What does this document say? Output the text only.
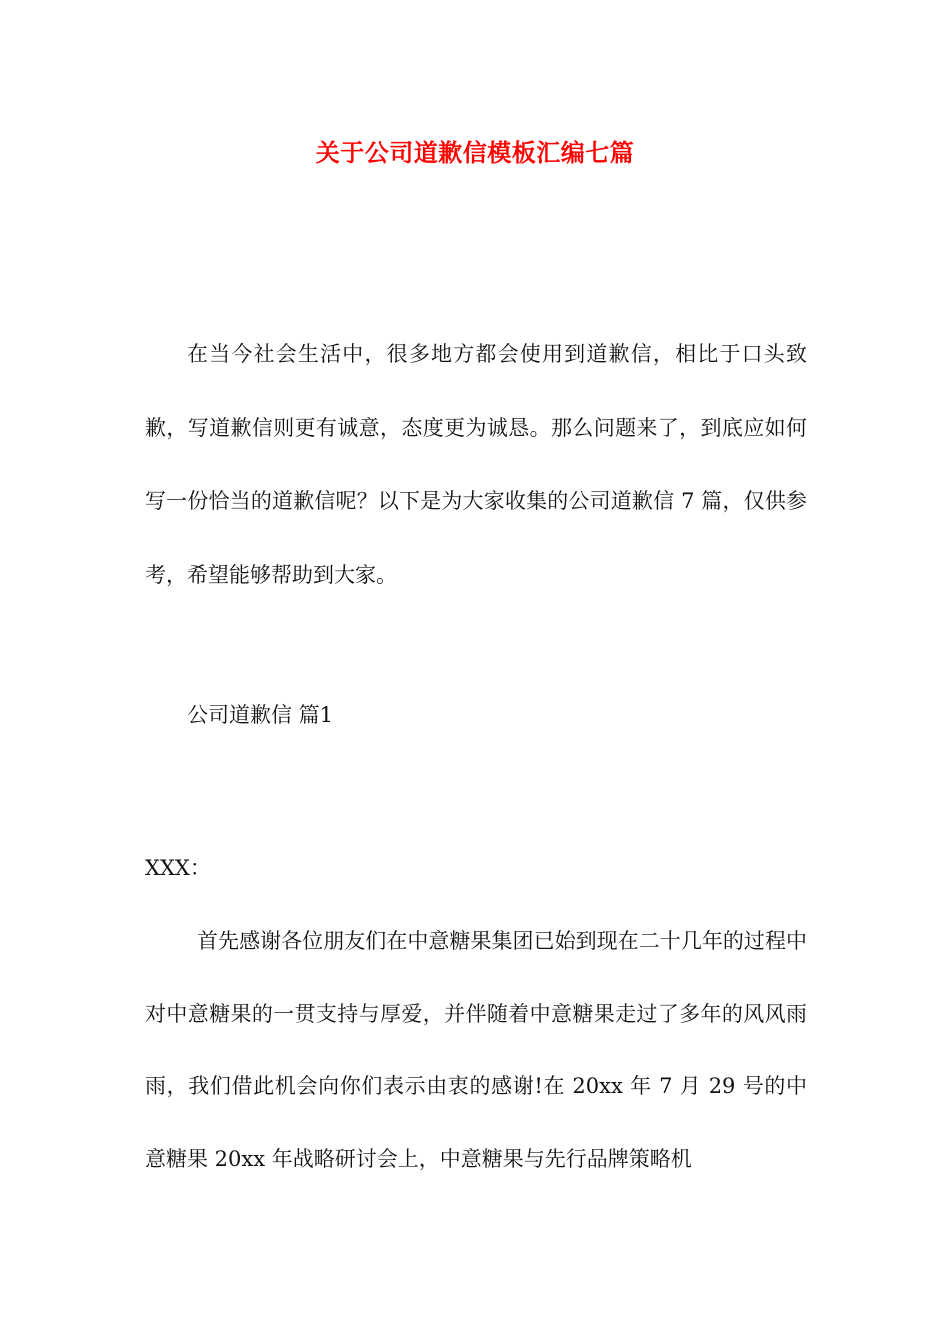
关于公司道歉信模板汇编七篇
在当今社会生活中，很多地方都会使用到道歉信，相比于口头致歉，写道歉信则更有诚意，态度更为诚恳。那么问题来了，到底应如何写一份恰当的道歉信呢？以下是为大家收集的公司道歉信 7 篇，仅供参考，希望能够帮助到大家。
公司道歉信 篇1
XXX：
首先感谢各位朋友们在中意糖果集团已始到现在二十几年的过程中对中意糖果的一贯支持与厚爱，并伴随着中意糖果走过了多年的风风雨雨，我们借此机会向你们表示由衷的感谢!在 20xx 年 7 月 29 号的中意糖果 20xx 年战略研讨会上，中意糖果与先行品牌策略机
